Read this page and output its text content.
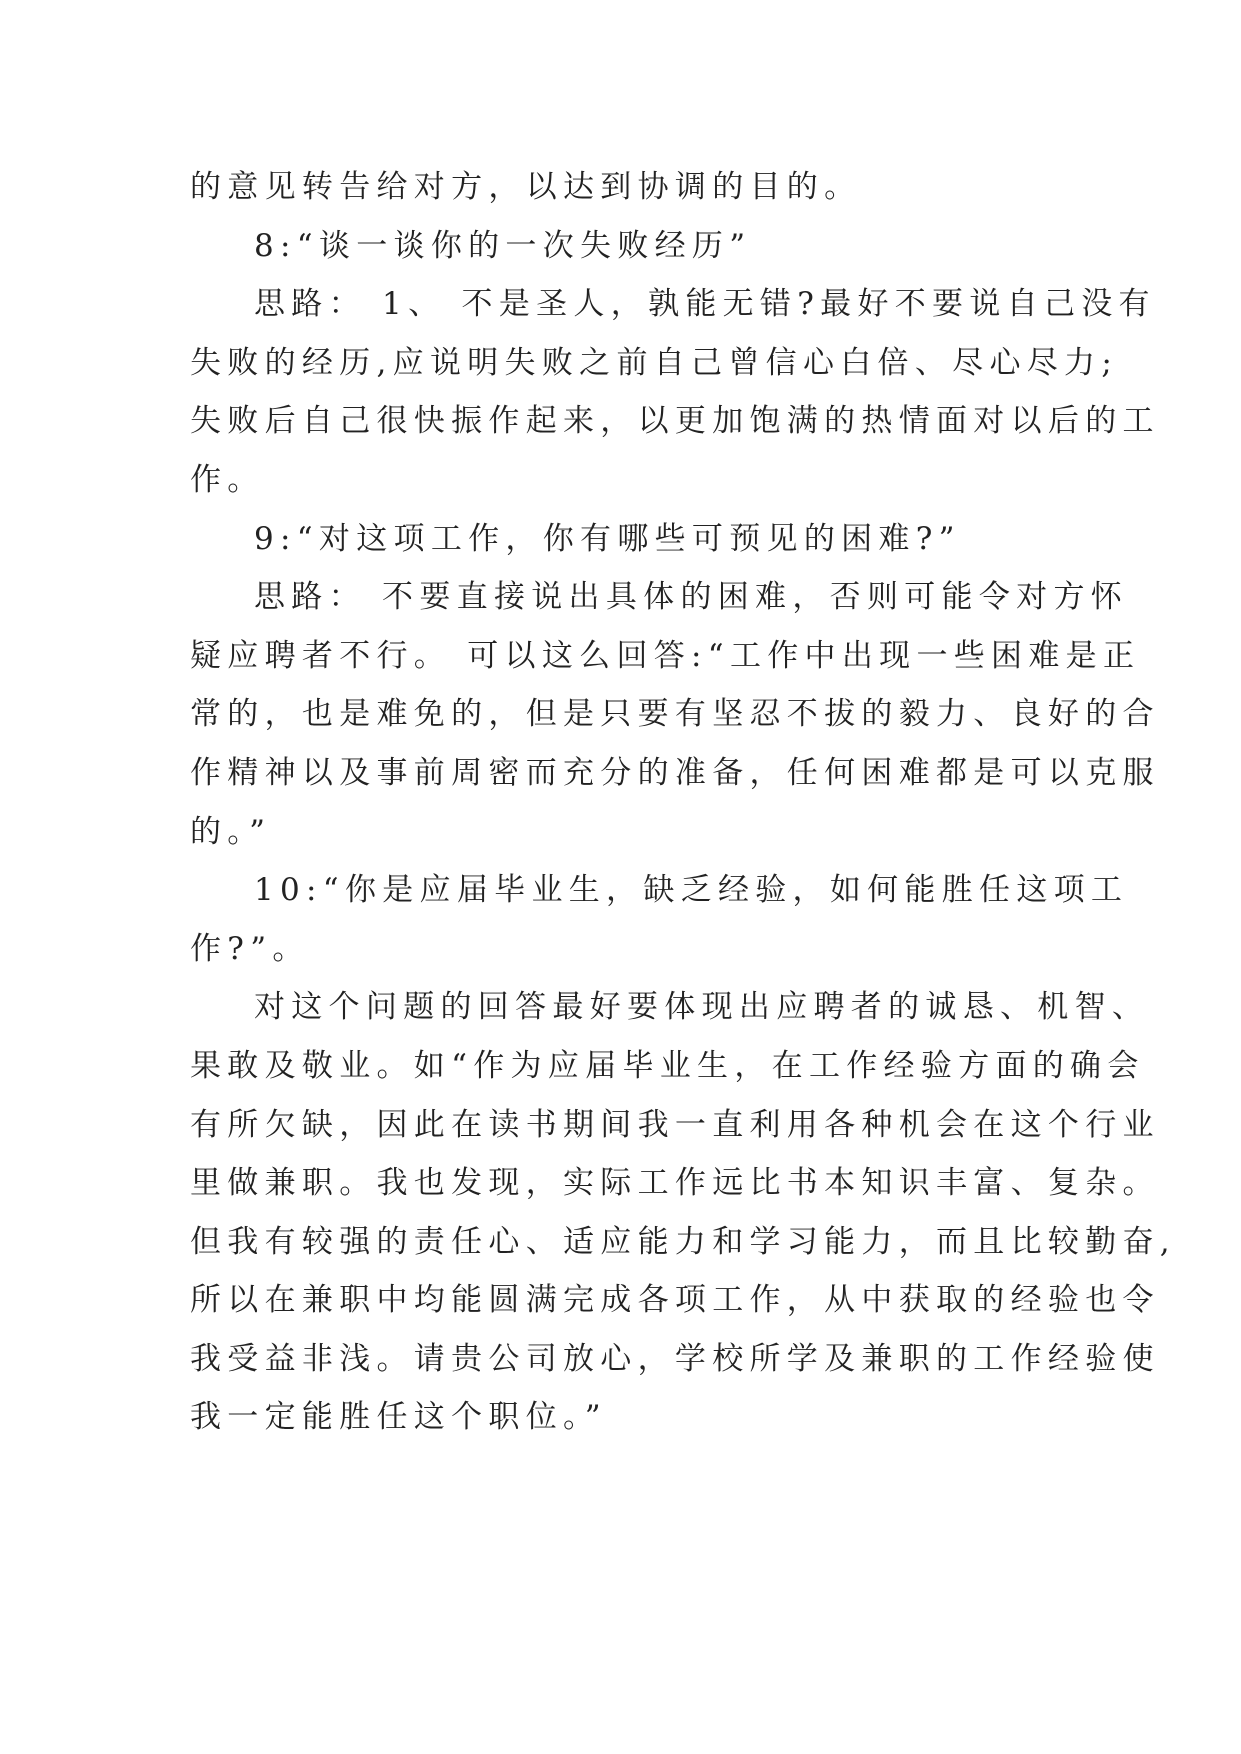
的意见转告给对方，以达到协调的目的。

8:“谈一谈你的一次失败经历”

思路： 1、 不是圣人，孰能无错?最好不要说自己没有

失败的经历,应说明失败之前自己曾信心白倍、尽心尽力;

失败后自己很快振作起来，以更加饱满的热情面对以后的工

作。

9:“对这项工作，你有哪些可预见的困难?”

思路： 不要直接说出具体的困难，否则可能令对方怀

疑应聘者不行。 可以这么回答:“工作中出现一些困难是正

常的，也是难免的，但是只要有坚忍不拔的毅力、良好的合

作精神以及事前周密而充分的准备，任何困难都是可以克服

的。”

10:“你是应届毕业生，缺乏经验，如何能胜任这项工

作?”。

对这个问题的回答最好要体现出应聘者的诚恳、机智、

果敢及敬业。如“作为应届毕业生，在工作经验方面的确会

有所欠缺，因此在读书期间我一直利用各种机会在这个行业

里做兼职。我也发现，实际工作远比书本知识丰富、复杂。

但我有较强的责任心、适应能力和学习能力，而且比较勤奋,

所以在兼职中均能圆满完成各项工作，从中获取的经验也令

我受益非浅。请贵公司放心，学校所学及兼职的工作经验使

我一定能胜任这个职位。”
